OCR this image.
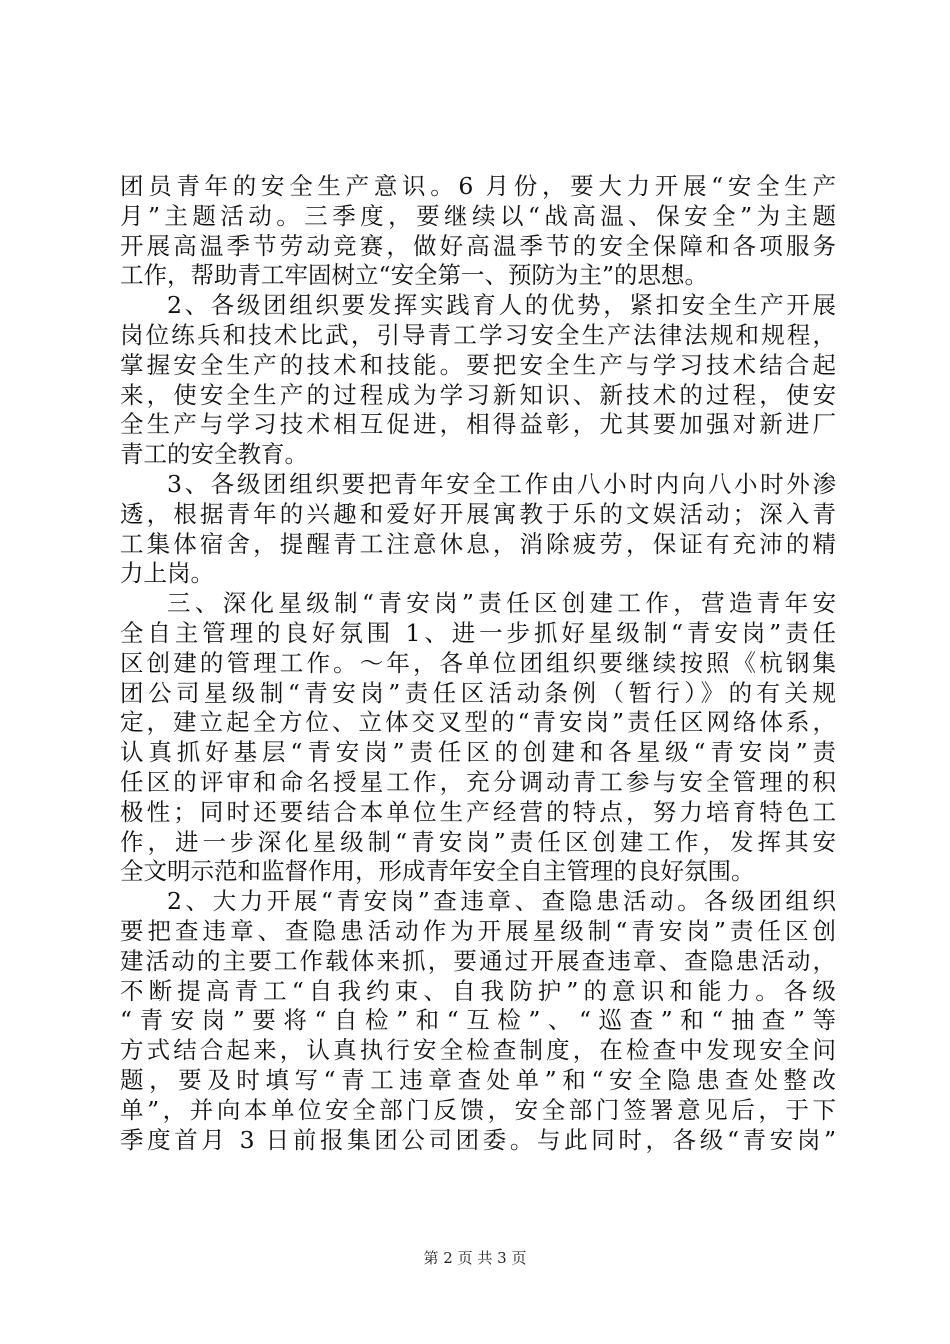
团员青年的安全生产意识。6 月份，要大力开展“安全生产
月”主题活动。三季度，要继续以“战高温、保安全”为主题
开展高温季节劳动竞赛，做好高温季节的安全保障和各项服务
工作，帮助青工牢固树立“安全第一、预防为主”的思想。
2、各级团组织要发挥实践育人的优势，紧扣安全生产开展
岗位练兵和技术比武，引导青工学习安全生产法律法规和规程，
掌握安全生产的技术和技能。要把安全生产与学习技术结合起
来，使安全生产的过程成为学习新知识、新技术的过程，使安
全生产与学习技术相互促进，相得益彰，尤其要加强对新进厂
青工的安全教育。
3、各级团组织要把青年安全工作由八小时内向八小时外渗
透，根据青年的兴趣和爱好开展寓教于乐的文娱活动；深入青
工集体宿舍，提醒青工注意休息，消除疲劳，保证有充沛的精
力上岗。
三、深化星级制“青安岗”责任区创建工作，营造青年安
全自主管理的良好氛围 1、进一步抓好星级制“青安岗”责任
区创建的管理工作。～年，各单位团组织要继续按照《杭钢集
团公司星级制“青安岗”责任区活动条例（暂行）》的有关规
定，建立起全方位、立体交叉型的“青安岗”责任区网络体系，
认真抓好基层“青安岗”责任区的创建和各星级“青安岗”责
任区的评审和命名授星工作，充分调动青工参与安全管理的积
极性；同时还要结合本单位生产经营的特点，努力培育特色工
作，进一步深化星级制“青安岗”责任区创建工作，发挥其安
全文明示范和监督作用，形成青年安全自主管理的良好氛围。
2、大力开展“青安岗”查违章、查隐患活动。各级团组织
要把查违章、查隐患活动作为开展星级制“青安岗”责任区创
建活动的主要工作载体来抓，要通过开展查违章、查隐患活动，
不断提高青工“自我约束、自我防护”的意识和能力。各级
“青安岗”要将“自检”和“互检”、“巡查”和“抽查”等
方式结合起来，认真执行安全检查制度，在检查中发现安全问
题，要及时填写“青工违章查处单”和“安全隐患查处整改
单”，并向本单位安全部门反馈，安全部门签署意见后，于下
季度首月 3 日前报集团公司团委。与此同时，各级“青安岗”
第 2 页 共 3 页
